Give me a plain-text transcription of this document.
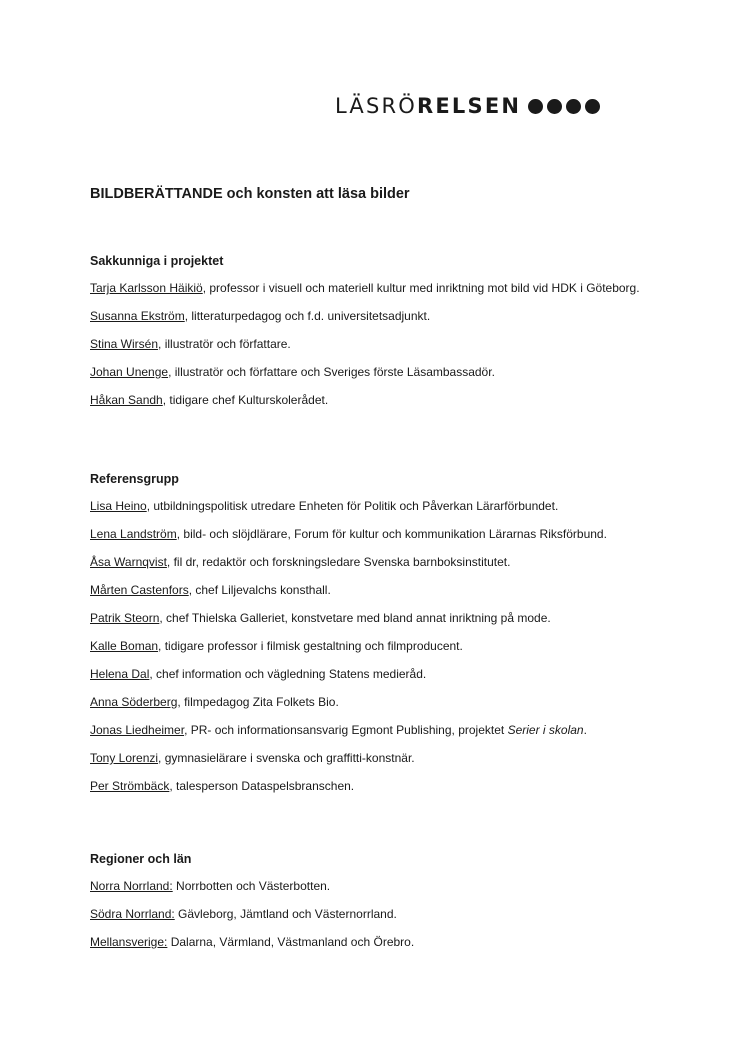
LÄSRÖ RELSEN
BILDBERÄTTANDE och konsten att läsa bilder
Sakkunniga i projektet

Tarja Karlsson Häikiö, professor i visuell och materiell kultur med inriktning mot bild vid HDK i Göteborg.

Susanna Ekström, litteraturpedagog och f.d. universitetsadjunkt.

Stina Wirsén, illustratör och författare.

Johan Unenge, illustratör och författare och Sveriges förste Läsambassadör.

Håkan Sandh, tidigare chef Kulturskolerådet.

Referensgrupp

Lisa Heino, utbildningspolitisk utredare Enheten för Politik och Påverkan Lärarförbundet.

Lena Landström, bild- och slöjdlärare, Forum för kultur och kommunikation Lärarnas Riksförbund.

Åsa Warnqvist, fil dr, redaktör och forskningsledare Svenska barnboksinstitutet.

Mårten Castenfors, chef Liljevalchs konsthall.

Patrik Steorn, chef Thielska Galleriet, konstvetare med bland annat inriktning på mode.

Kalle Boman, tidigare professor i filmisk gestaltning och filmproducent.

Helena Dal, chef information och vägledning Statens medieråd.

Anna Söderberg, filmpedagog Zita Folkets Bio.

Jonas Liedheimer, PR- och informationsansvarig Egmont Publishing, projektet Serier i skolan.

Tony Lorenzi, gymnasielärare i svenska och graffitti-konstnär.

Per Strömbäck, talesperson Dataspelsbranschen.

Regioner och län

Norra Norrland: Norrbotten och Västerbotten.

Södra Norrland: Gävleborg, Jämtland och Västernorrland.

Mellansverige: Dalarna, Värmland, Västmanland och Örebro.
